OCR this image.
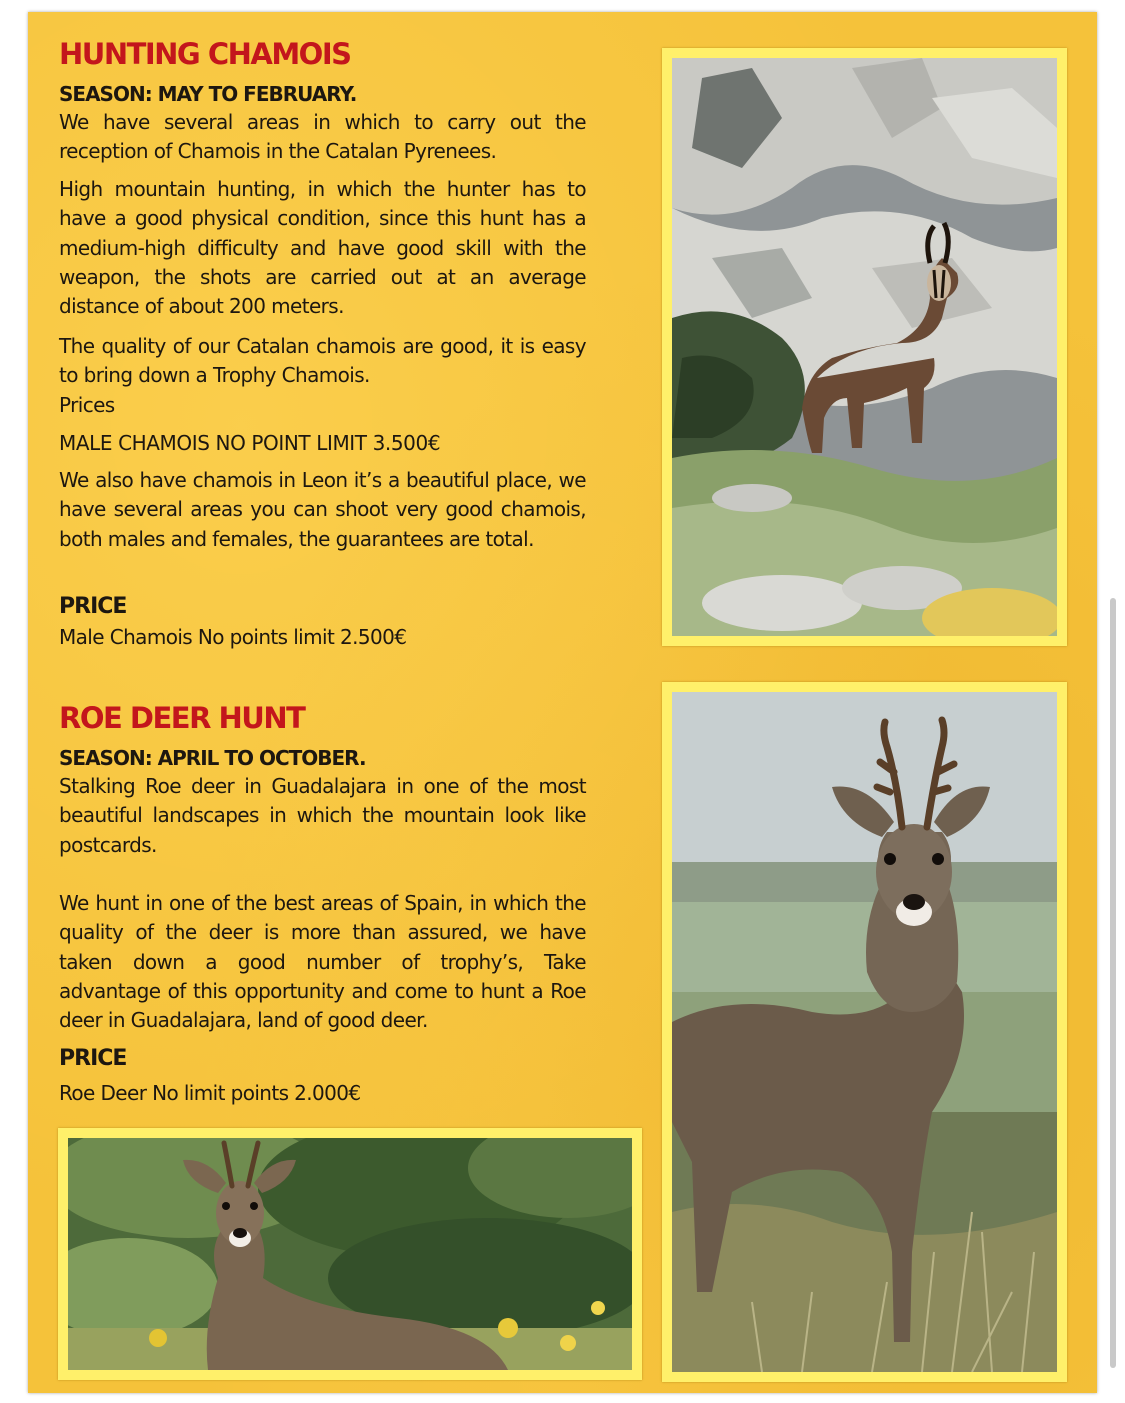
HUNTING CHAMOIS

SEASON: MAY TO FEBRUARY.

We have several areas in which to carry out the reception of Chamois in the Catalan Pyrenees.

High mountain hunting, in which the hunter has to have a good physical condition, since this hunt has a medium-high difficulty and have good skill with the weapon, the shots are carried out at an average distance of about 200 meters.

The quality of our Catalan chamois are good, it is easy to bring down a Trophy Chamois.

Prices

MALE CHAMOIS NO POINT LIMIT 3.500€

We also have chamois in Leon it’s a beautiful place, we have several areas you can shoot very good chamois, both males and females, the guarantees are total.

PRICE

Male Chamois No points limit 2.500€

ROE DEER HUNT

SEASON: APRIL TO OCTOBER.

Stalking Roe deer in Guadalajara in one of the most beautiful landscapes in which the mountain look like postcards.

We hunt in one of the best areas of Spain, in which the quality of the deer is more than assured, we have taken down a good number of trophy’s, Take advantage of this opportunity and come to hunt a Roe deer in Guadalajara, land of good deer.

PRICE

Roe Deer No limit points 2.000€
